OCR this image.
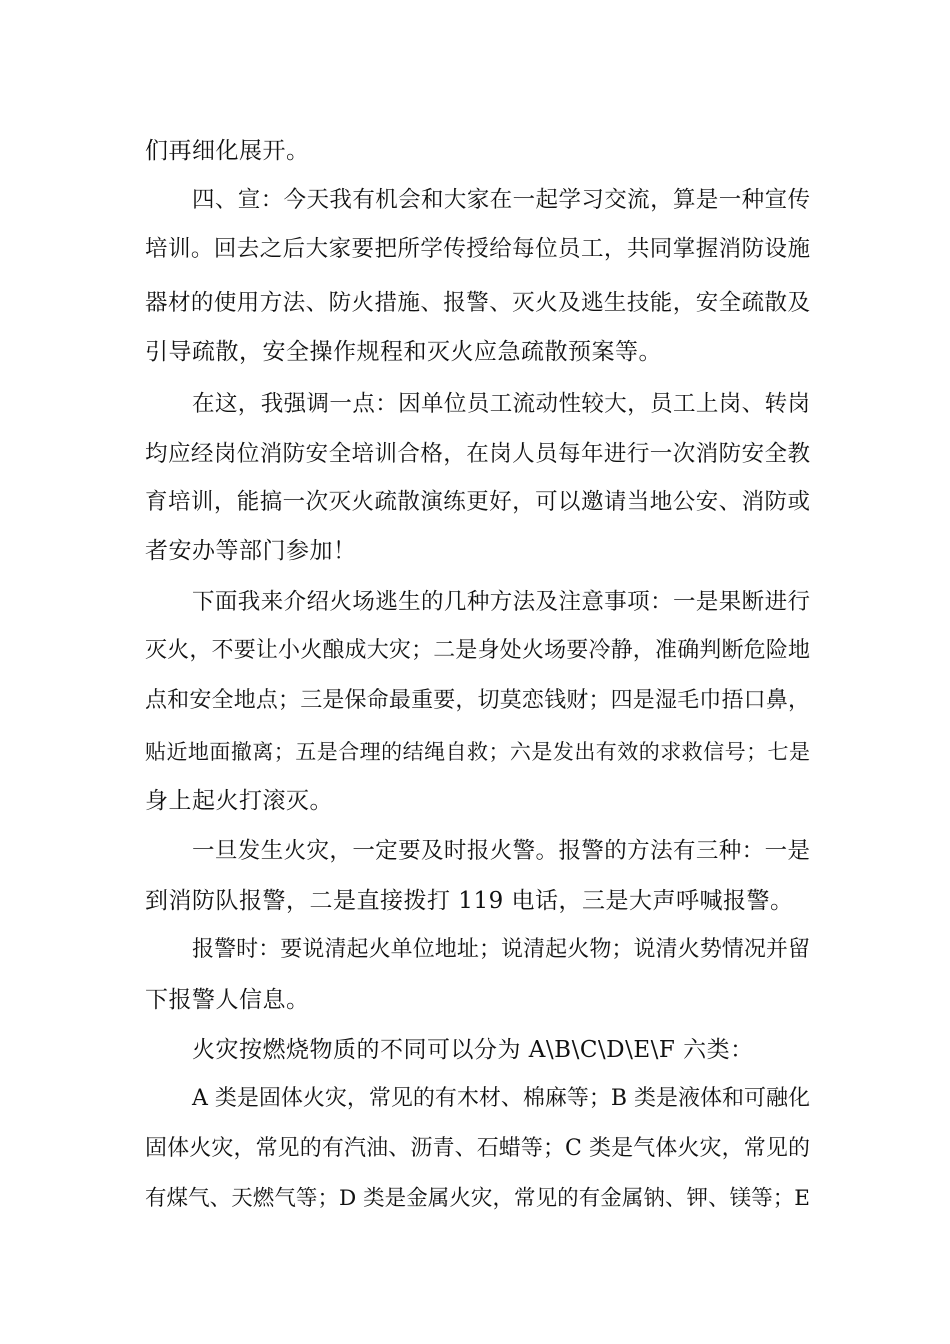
们再细化展开。
四、宣：今天我有机会和大家在一起学习交流，算是一种宣传
培训。回去之后大家要把所学传授给每位员工，共同掌握消防设施
器材的使用方法、防火措施、报警、灭火及逃生技能，安全疏散及
引导疏散，安全操作规程和灭火应急疏散预案等。
在这，我强调一点：因单位员工流动性较大，员工上岗、转岗
均应经岗位消防安全培训合格，在岗人员每年进行一次消防安全教
育培训，能搞一次灭火疏散演练更好，可以邀请当地公安、消防或
者安办等部门参加！
下面我来介绍火场逃生的几种方法及注意事项：一是果断进行
灭火，不要让小火酿成大灾；二是身处火场要冷静，准确判断危险地
点和安全地点；三是保命最重要，切莫恋钱财；四是湿毛巾捂口鼻，
贴近地面撤离；五是合理的结绳自救；六是发出有效的求救信号；七是
身上起火打滚灭。
一旦发生火灾，一定要及时报火警。报警的方法有三种：一是
到消防队报警，二是直接拨打 119 电话，三是大声呼喊报警。
报警时：要说清起火单位地址；说清起火物；说清火势情况并留
下报警人信息。
火灾按燃烧物质的不同可以分为 A\B\C\D\E\F 六类：
A 类是固体火灾，常见的有木材、棉麻等；B 类是液体和可融化
固体火灾，常见的有汽油、沥青、石蜡等；C 类是气体火灾，常见的
有煤气、天燃气等；D 类是金属火灾，常见的有金属钠、钾、镁等；E
